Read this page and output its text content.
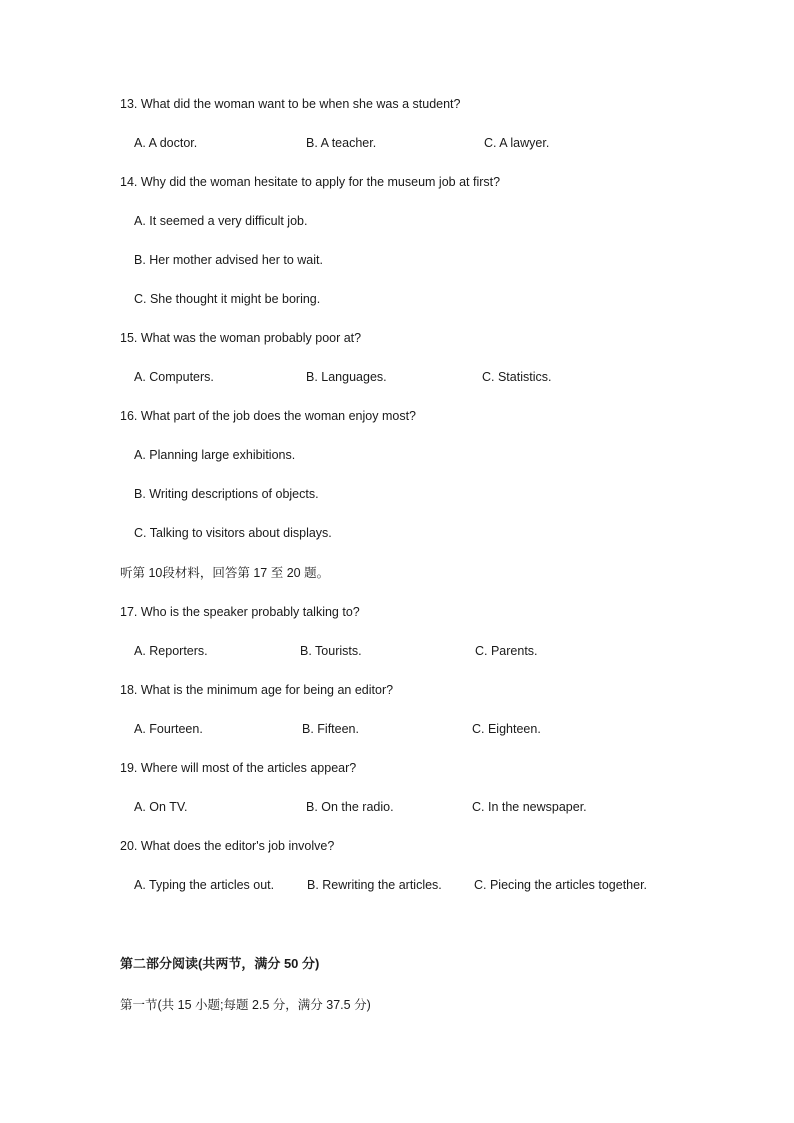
13. What did the woman want to be when she was a student?
A. A doctor.	B. A teacher.	C. A lawyer.
14. Why did the woman hesitate to apply for the museum job at first?
A. It seemed a very difficult job.
B. Her mother advised her to wait.
C. She thought it might be boring.
15. What was the woman probably poor at?
A. Computers.	B. Languages.	C. Statistics.
16. What part of the job does the woman enjoy most?
A. Planning large exhibitions.
B. Writing descriptions of objects.
C. Talking to visitors about displays.
听第 10段材料，回答第 17 至 20 题。
17. Who is the speaker probably talking to?
A. Reporters.	B. Tourists.	C. Parents.
18. What is the minimum age for being an editor?
A. Fourteen.	B. Fifteen.	C. Eighteen.
19. Where will most of the articles appear?
A. On TV.	B. On the radio.	C. In the newspaper.
20. What does the editor's job involve?
A. Typing the articles out.	B. Rewriting the articles.	C. Piecing the articles together.
第二部分阅读(共两节，满分 50 分)
第一节(共 15 小题;每题 2.5 分，满分 37.5 分)
